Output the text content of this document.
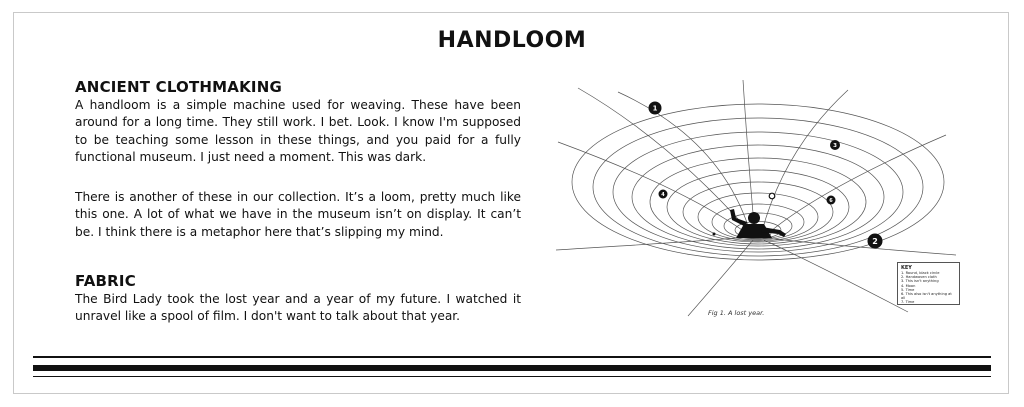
HANDLOOM
ANCIENT CLOTHMAKING
A handloom is a simple machine used for weaving. These have been around for a long time. They still work. I bet. Look. I know I'm supposed to be teaching some lesson in these things, and you paid for a fully functional museum. I just need a moment. This was dark.
There is another of these in our collection. It’s a loom, pretty much like this one. A lot of what we have in the museum isn’t on display. It can’t be. I think there is a metaphor here that’s slipping my mind.
FABRIC
The Bird Lady took the lost year and a year of my future. I watched it unravel like a spool of film. I don't want to talk about that year.
1
2
3
4
6
KEY
1. Round, black circle
2. Handwoven cloth
3. This isn't anything
4. Moon
5. Time
6. This also isn't anything at all
7. Time
Fig 1. A lost year.
